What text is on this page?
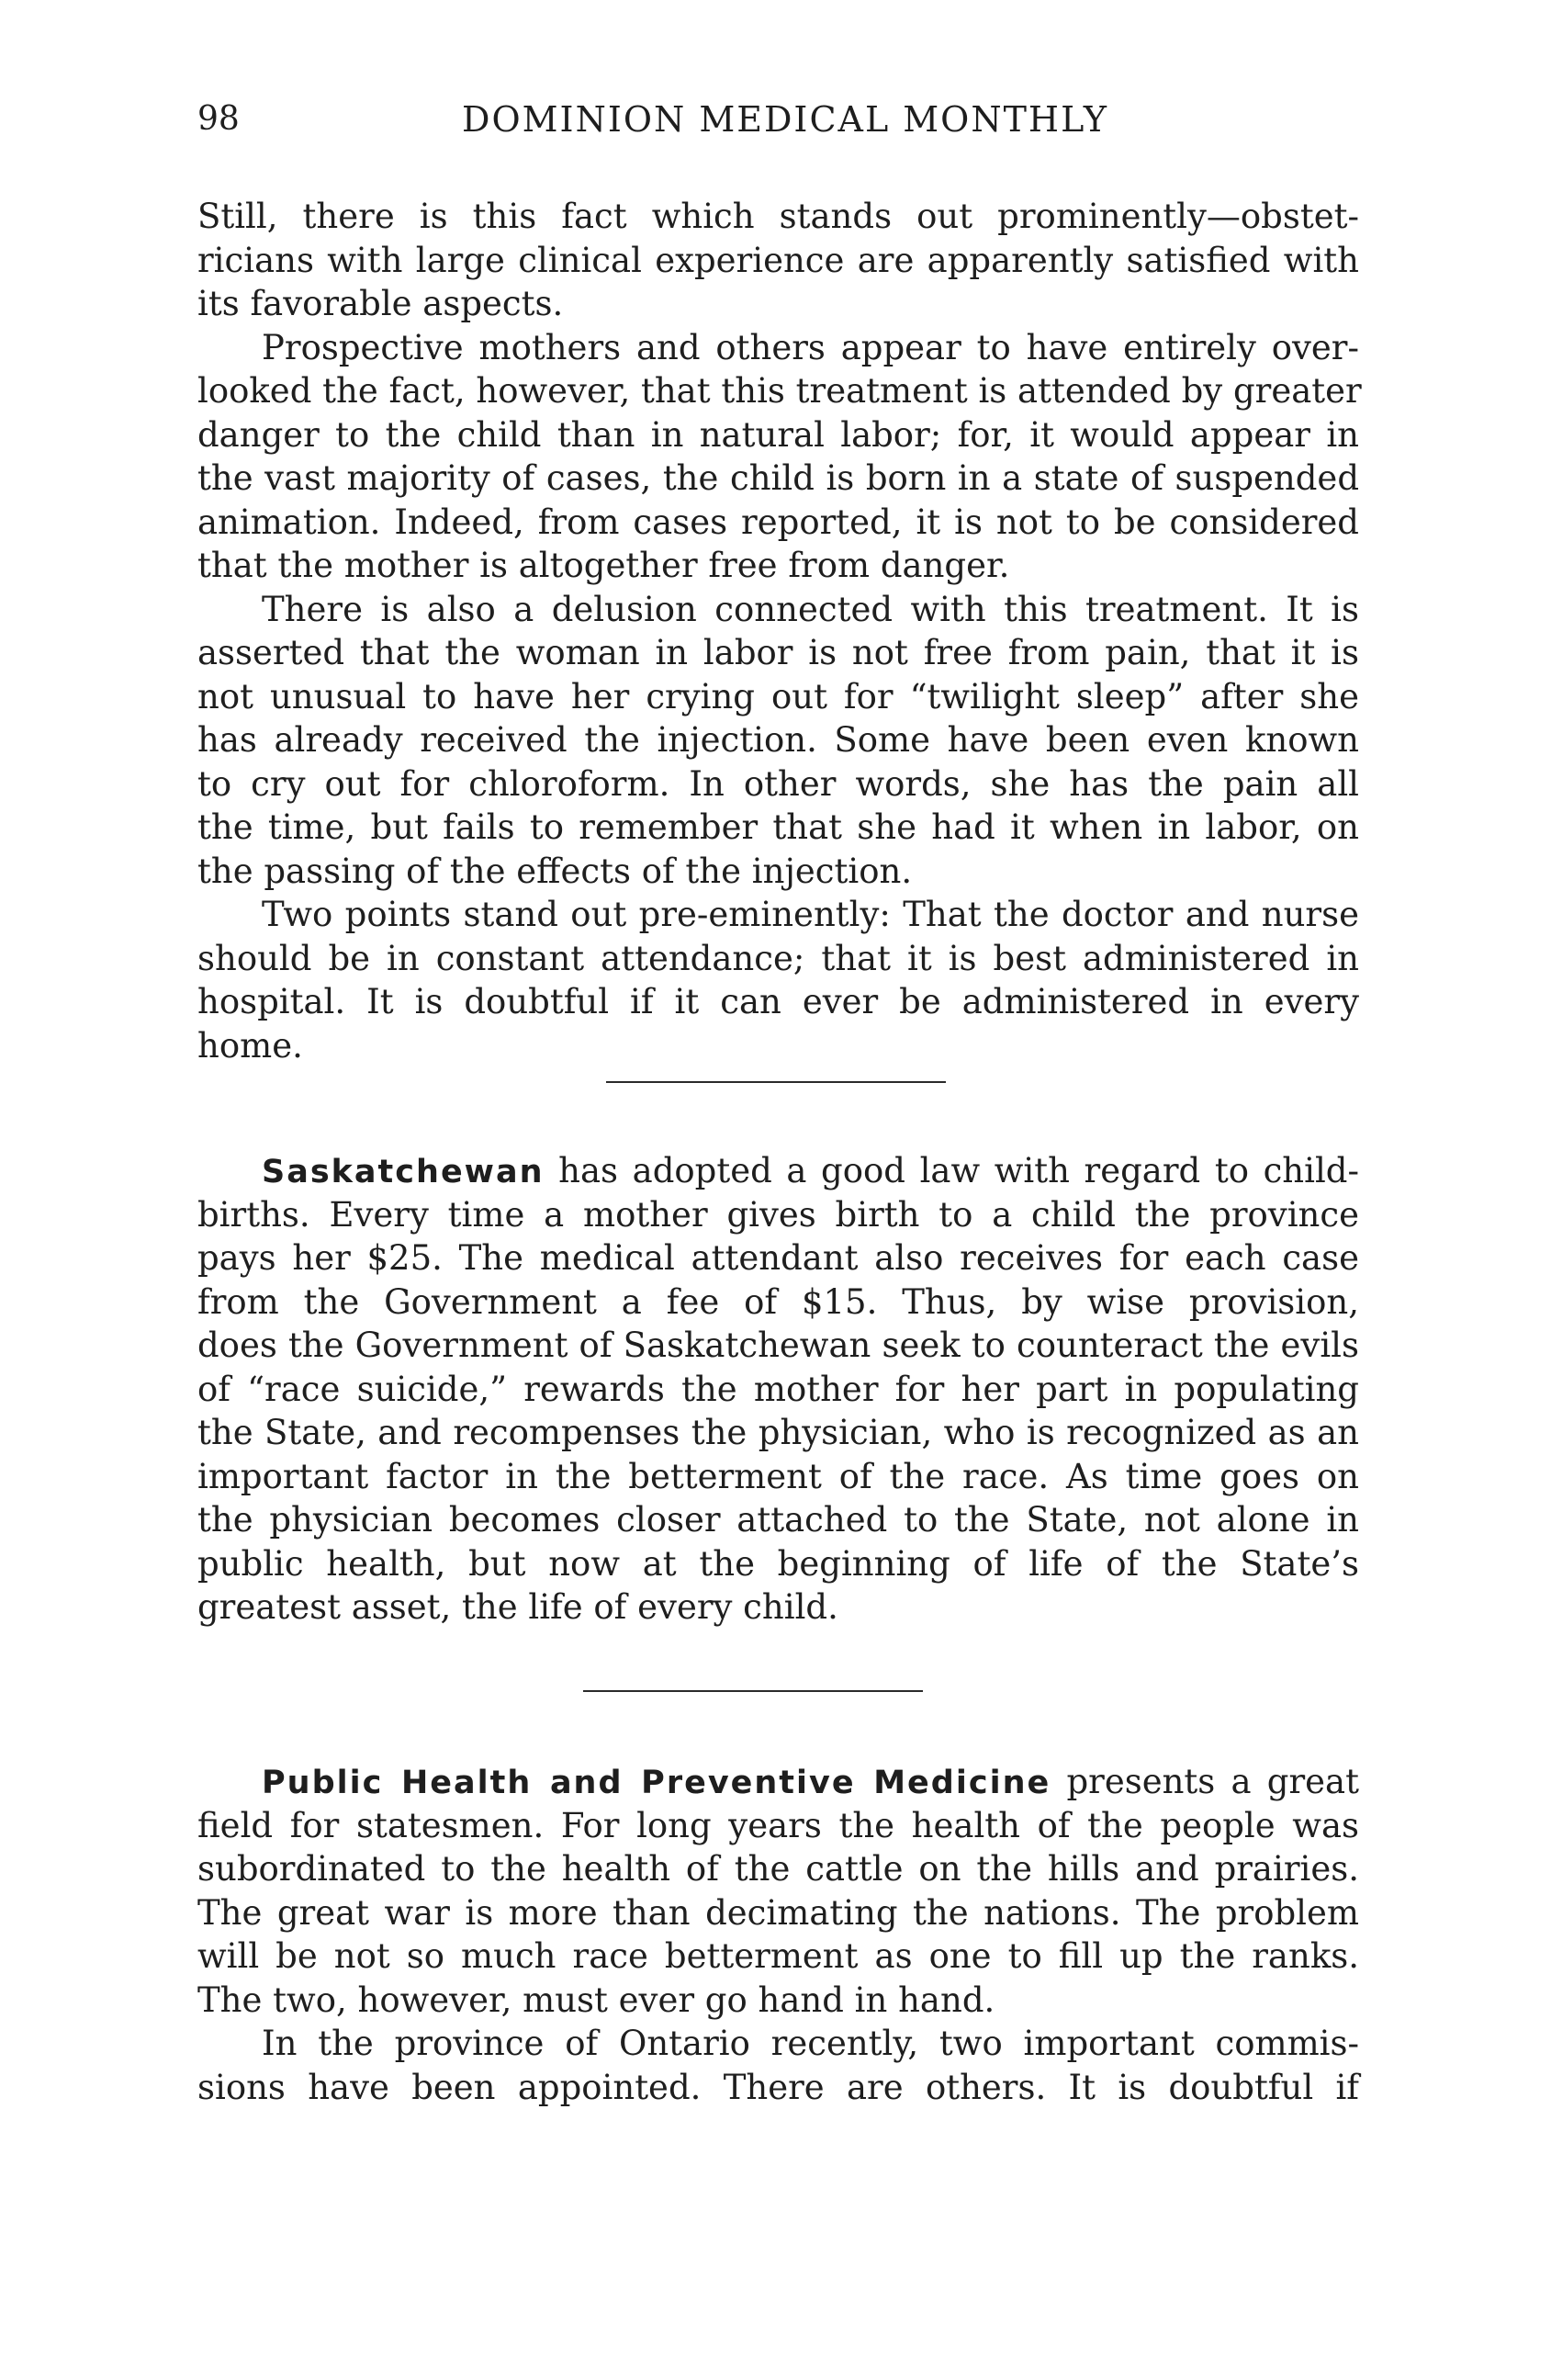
98	DOMINION MEDICAL MONTHLY
Still, there is this fact which stands out prominently—obstet-
ricians with large clinical experience are apparently satisfied with
its favorable aspects.
Prospective mothers and others appear to have entirely over-
looked the fact, however, that this treatment is attended by greater
danger to the child than in natural labor; for, it would appear in
the vast majority of cases, the child is born in a state of suspended
animation. Indeed, from cases reported, it is not to be considered
that the mother is altogether free from danger.
There is also a delusion connected with this treatment. It is
asserted that the woman in labor is not free from pain, that it is
not unusual to have her crying out for “twilight sleep” after she
has already received the injection. Some have been even known
to cry out for chloroform. In other words, she has the pain all
the time, but fails to remember that she had it when in labor, on
the passing of the effects of the injection.
Two points stand out pre-eminently: That the doctor and nurse
should be in constant attendance; that it is best administered in
hospital. It is doubtful if it can ever be administered in every
home.
Saskatchewan has adopted a good law with regard to child-
births. Every time a mother gives birth to a child the province
pays her $25. The medical attendant also receives for each case
from the Government a fee of $15. Thus, by wise provision,
does the Government of Saskatchewan seek to counteract the evils
of “race suicide,” rewards the mother for her part in populating
the State, and recompenses the physician, who is recognized as an
important factor in the betterment of the race. As time goes on
the physician becomes closer attached to the State, not alone in
public health, but now at the beginning of life of the State’s
greatest asset, the life of every child.
Public Health and Preventive Medicine presents a great
field for statesmen. For long years the health of the people was
subordinated to the health of the cattle on the hills and prairies.
The great war is more than decimating the nations. The problem
will be not so much race betterment as one to fill up the ranks.
The two, however, must ever go hand in hand.
In the province of Ontario recently, two important commis-
sions have been appointed. There are others. It is doubtful if
